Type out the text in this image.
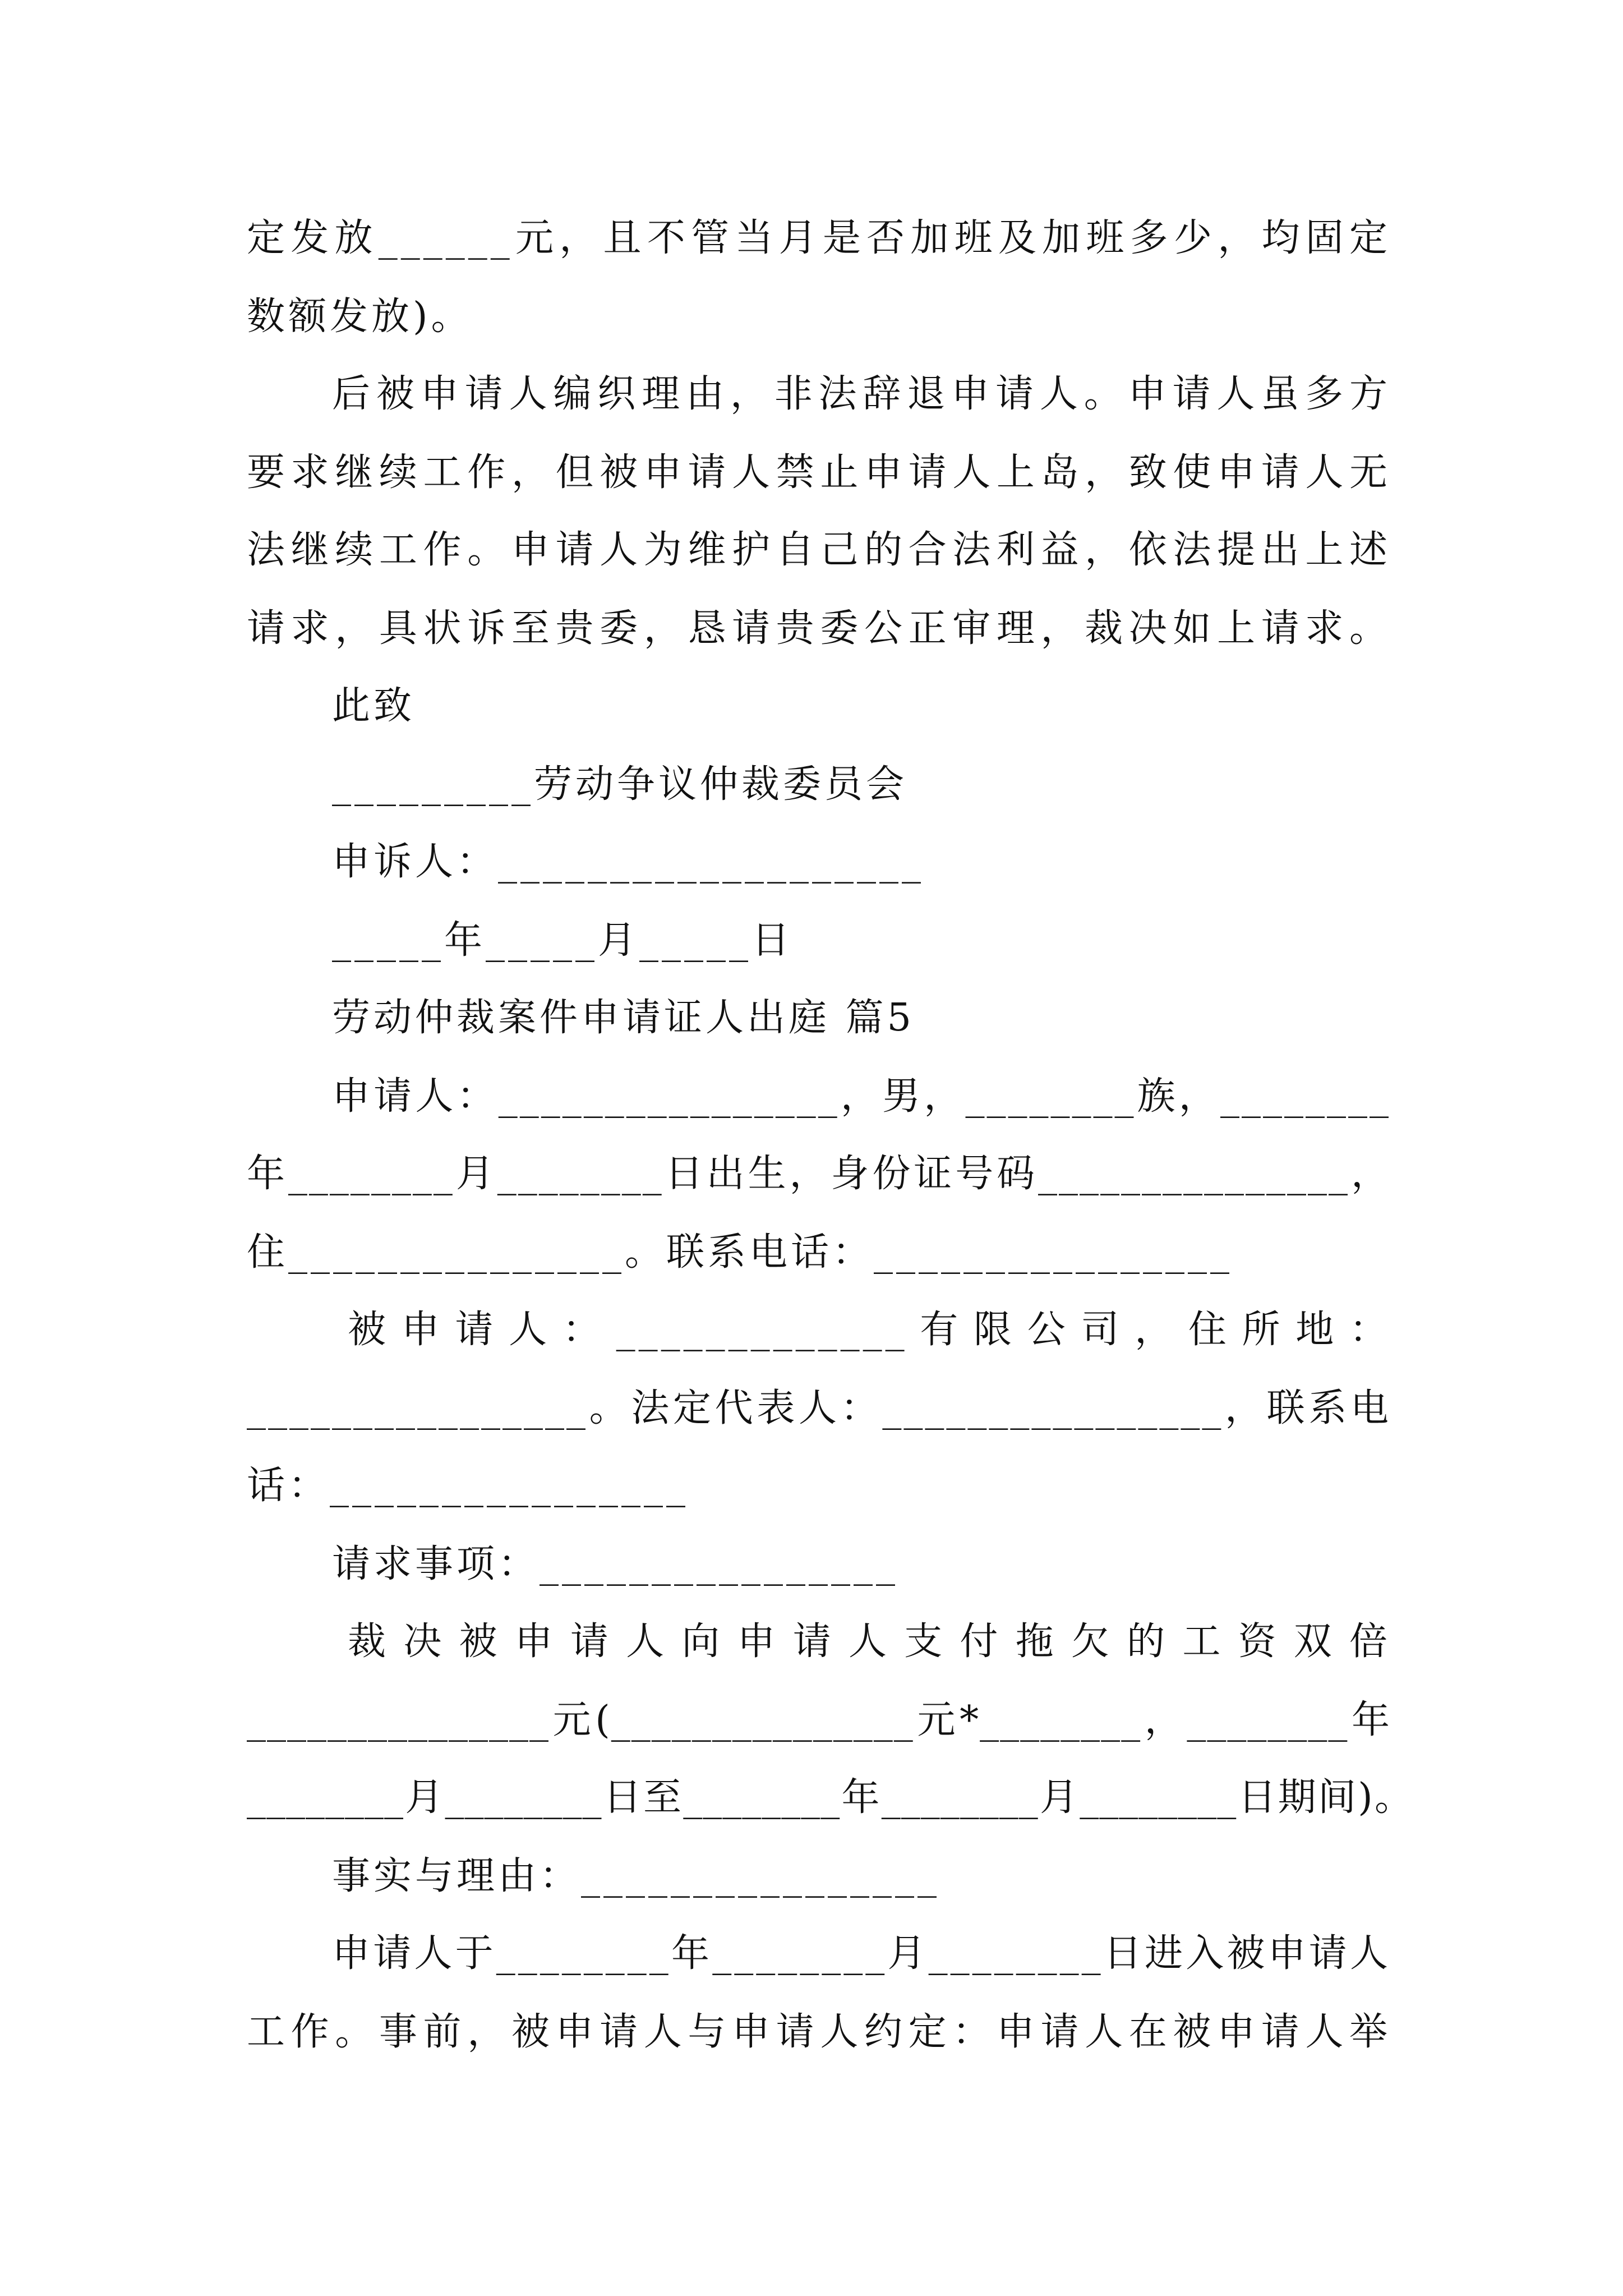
定发放______元，且不管当月是否加班及加班多少，均固定
数额发放)。
后被申请人编织理由，非法辞退申请人。申请人虽多方
要求继续工作，但被申请人禁止申请人上岛，致使申请人无
法继续工作。申请人为维护自己的合法利益，依法提出上述
请求，具状诉至贵委，恳请贵委公正审理，裁决如上请求。
此致
_________劳动争议仲裁委员会
申诉人：___________________
_____年_____月_____日
劳动仲裁案件申请证人出庭 篇5
申请人：________________，男，________族，________
年________月________日出生，身份证号码_______________，
住_______________。联系电话：________________
被申请人：_____________有限公司，住所地：
________________。法定代表人：________________，联系电
话：________________
请求事项：________________
裁决被申请人向申请人支付拖欠的工资双倍
_______________元(_______________元*________，________年
________月________日至________年________月________日期间)。
事实与理由：________________
申请人于________年________月________日进入被申请人
工作。事前，被申请人与申请人约定：申请人在被申请人举
